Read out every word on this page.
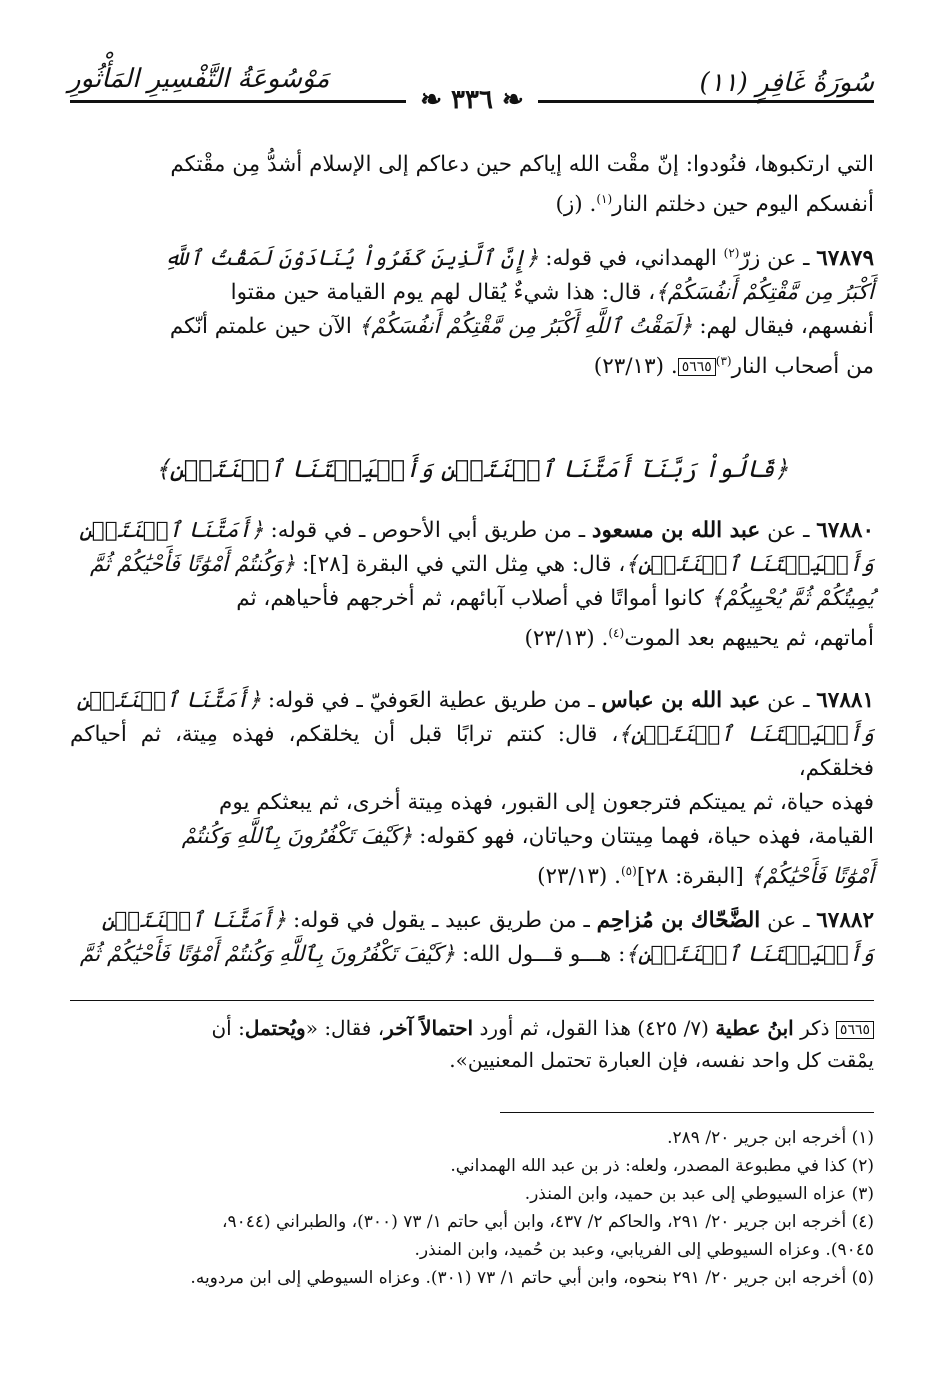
سُورَةُ غَافِرٍ (١١)
مَوْسُوعَةُ التَّفْسِيرِ المَأْثُورِ
❧ ۳۳٦ ❧
التي ارتكبوها، فنُودوا: إنّ مقْت الله إياكم حين دعاكم إلى الإسلام أشدُّ مِن مقْتكم
أنفسكم اليوم حين دخلتم النار$^{(١)}$. (ز)
٦٧٨٧٩ ـ عن زرّ$^{(٢)}$ الهمداني، في قوله: ﴿إِنَّ ٱلَّذِينَ كَفَرُواْ يُنَادَوْنَ لَمَقْتُ ٱللَّهِ
أَكْبَرُ مِن مَّقْتِكُمْ أَنفُسَكُمْ﴾، قال: هذا شيءٌ يُقال لهم يوم القيامة حين مقتوا
أنفسهم، فيقال لهم: ﴿لَمَقْتُ ٱللَّهِ أَكْبَرُ مِن مَّقْتِكُمْ أَنفُسَكُمْ﴾ الآن حين علمتم أنّكم
من أصحاب النار$^{(٣)}$٥٦٦٥. (٢٣/١٣)
﴿قَالُواْ رَبَّنَآ أَمَتَّنَا ٱثۡنَتَيۡنِ وَأَحۡيَيۡتَنَا ٱثۡنَتَيۡنِ﴾
٦٧٨٨٠ ـ عن عبد الله بن مسعود ـ من طريق أبي الأحوص ـ في قوله: ﴿أَمَتَّنَا ٱثۡنَتَيۡنِ
وَأَحۡيَيۡتَنَا ٱثۡنَتَيۡنِ﴾، قال: هي مِثل التي في البقرة [٢٨]: ﴿وَكُنتُمْ أَمْوَٰتًا فَأَحْيَٰكُمْ ثُمَّ
يُمِيتُكُمْ ثُمَّ يُحْيِيكُمْ﴾ كانوا أمواتًا في أصلاب آبائهم، ثم أخرجهم فأحياهم، ثم
أماتهم، ثم يحييهم بعد الموت$^{(٤)}$. (٢٣/١٣)
٦٧٨٨١ ـ عن عبد الله بن عباس ـ من طريق عطية العَوفيّ ـ في قوله: ﴿أَمَتَّنَا ٱثۡنَتَيۡنِ
وَأَحۡيَيۡتَنَا ٱثۡنَتَيۡنِ﴾، قال: كنتم ترابًا قبل أن يخلقكم، فهذه مِيتة، ثم أحياكم فخلقكم،
فهذه حياة، ثم يميتكم فترجعون إلى القبور، فهذه مِيتة أخرى، ثم يبعثكم يوم
القيامة، فهذه حياة، فهما مِيتتان وحياتان، فهو كقوله: ﴿كَيْفَ تَكْفُرُونَ بِٱللَّهِ وَكُنتُمْ
أَمْوَٰتًا فَأَحْيَٰكُمْ﴾ [البقرة: ٢٨]$^{(٥)}$. (٢٣/١٣)
٦٧٨٨٢ ـ عن الضَّحّاك بن مُزاحِم ـ من طريق عبيد ـ يقول في قوله: ﴿أَمَتَّنَا ٱثۡنَتَيۡنِ
وَأَحۡيَيۡتَنَا ٱثۡنَتَيۡنِ﴾: هـــو قـــول الله: ﴿كَيْفَ تَكْفُرُونَ بِٱللَّهِ وَكُنتُمْ أَمْوَٰتًا فَأَحْيَٰكُمْ ثُمَّ
٥٦٦٥ ذكر ابنُ عطية (٧/ ٤٢٥) هذا القول، ثم أورد احتمالاً آخر، فقال: «ويُحتمل: أن
يمْقت كل واحد نفسه، فإن العبارة تحتمل المعنيين».
(١) أخرجه ابن جرير ٢٠/ ٢٨٩.
(٢) كذا في مطبوعة المصدر، ولعله: ذر بن عبد الله الهمداني.
(٣) عزاه السيوطي إلى عبد بن حميد، وابن المنذر.
(٤) أخرجه ابن جرير ٢٠/ ٢٩١، والحاكم ٢/ ٤٣٧، وابن أبي حاتم ١/ ٧٣ (٣٠٠)، والطبراني (٩٠٤٤،
٩٠٤٥). وعزاه السيوطي إلى الفريابي، وعبد بن حُميد، وابن المنذر.
(٥) أخرجه ابن جرير ٢٠/ ٢٩١ بنحوه، وابن أبي حاتم ١/ ٧٣ (٣٠١). وعزاه السيوطي إلى ابن مردويه.
